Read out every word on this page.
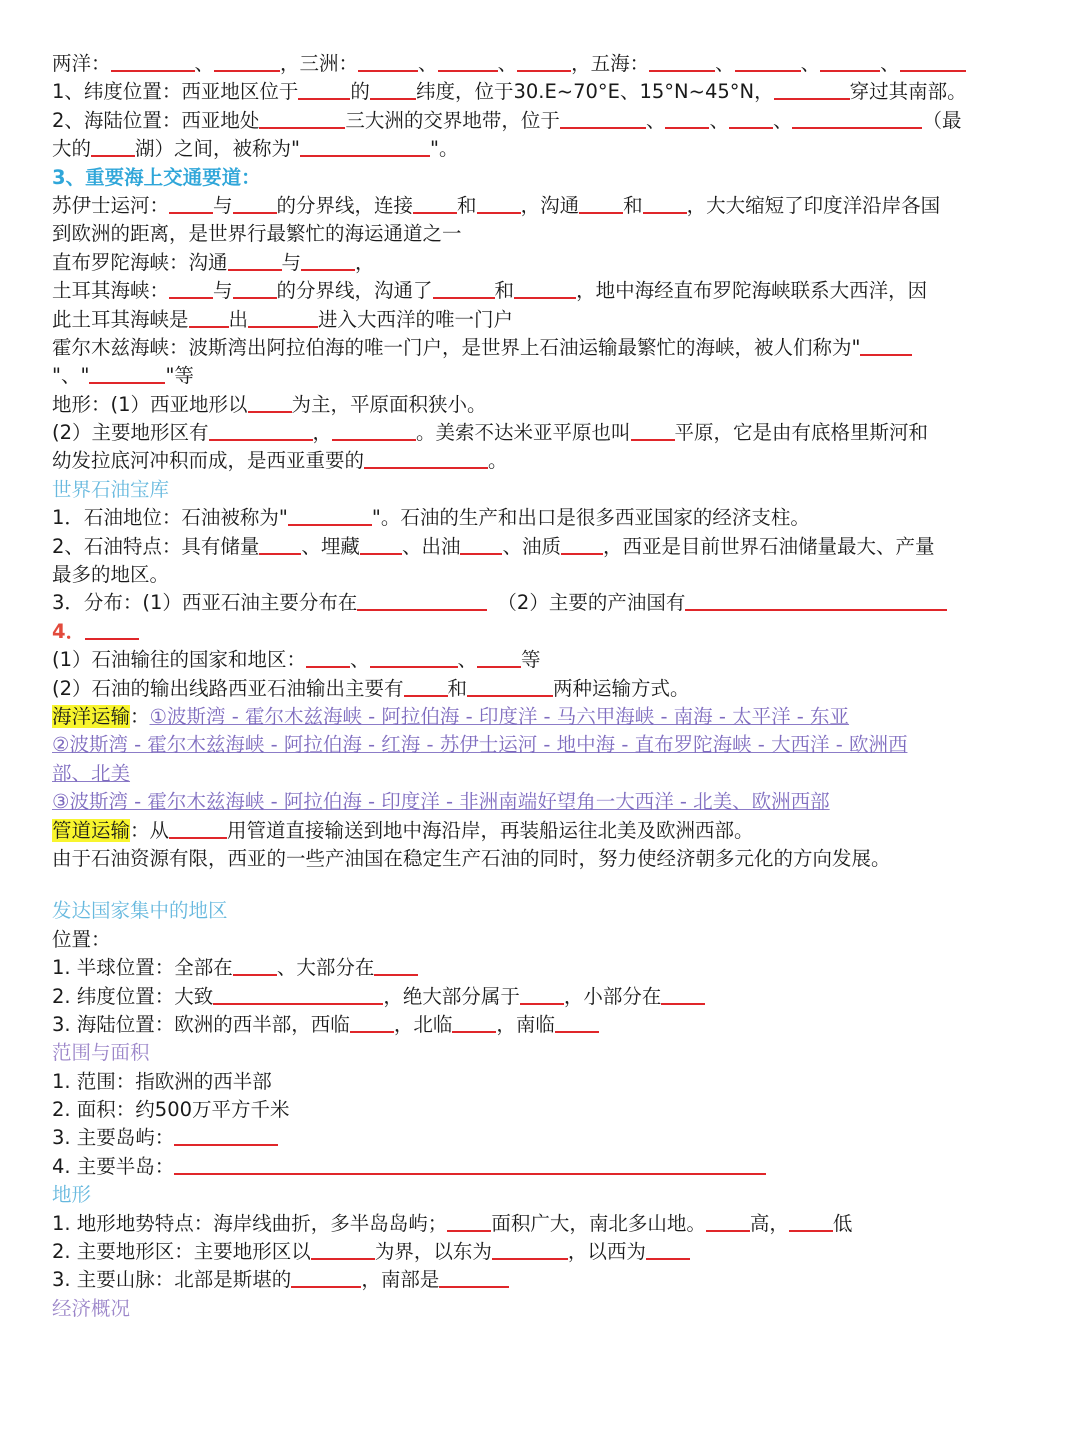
两洋：	、	，三洲：	、	、	，五海：	、	、	、
1、纬度位置：西亚地区位于	的 纬度，位于30.E~70°E、15°N~45°N，	穿过其南部。
2、海陆位置：西亚地处	三大洲的交界地带，位于	、 、 、	（最
大的 湖）之间，被称为"	"。
3、重要海上交通要道：
苏伊士运河： 与 的分界线，连接 和 ，沟通 和 ，大大缩短了印度洋沿岸各国
到欧洲的距离，是世界行最繁忙的海运通道之一
直布罗陀海峡：沟通	与	，
土耳其海峡： 与 的分界线，沟通了	和	，地中海经直布罗陀海峡联系大西洋，因
此土耳其海峡是 出	进入大西洋的唯一门户
霍尔木兹海峡：波斯湾出阿拉伯海的唯一门户，是世界上石油运输最繁忙的海峡，被人们称为"
"、"	"等
地形：(1）西亚地形以 为主，平原面积狭小。
(2）主要地形区有	，	。美索不达米亚平原也叫 平原，它是由有底格里斯河和
幼发拉底河冲积而成，是西亚重要的	。
世界石油宝库
1．石油地位：石油被称为"	"。石油的生产和出口是很多西亚国家的经济支柱。
2、石油特点：具有储量 、埋藏 、出油 、油质 ，西亚是目前世界石油储量最大、产量
最多的地区。
3．分布：(1）西亚石油主要分布在	（2）主要的产油国有
4．
(1）石油输往的国家和地区： 、	、 等
(2）石油的输出线路西亚石油输出主要有 和	两种运输方式。
海洋运输：①波斯湾 - 霍尔木兹海峡 - 阿拉伯海 - 印度洋 - 马六甲海峡 - 南海 - 太平洋 - 东亚
②波斯湾 - 霍尔木兹海峡 - 阿拉伯海 - 红海 - 苏伊士运河 - 地中海 - 直布罗陀海峡 - 大西洋 - 欧洲西
部、北美
③波斯湾 - 霍尔木兹海峡 - 阿拉伯海 - 印度洋 - 非洲南端好望角一大西洋 - 北美、欧洲西部
管道运输：从	用管道直接输送到地中海沿岸，再装船运往北美及欧洲西部。
由于石油资源有限，西亚的一些产油国在稳定生产石油的同时，努力使经济朝多元化的方向发展。
发达国家集中的地区
位置：
1. 半球位置：全部在 、大部分在
2. 纬度位置：大致	，绝大部分属于 ，小部分在
3. 海陆位置：欧洲的西半部，西临 ，北临 ，南临
范围与面积
1. 范围：指欧洲的西半部
2. 面积：约500万平方千米
3. 主要岛屿：
4. 主要半岛：
地形
1. 地形地势特点：海岸线曲折，多半岛岛屿； 面积广大，南北多山地。 高， 低
2. 主要地形区：主要地形区以	为界，以东为	，以西为
3. 主要山脉：北部是斯堪的	，南部是
经济概况
